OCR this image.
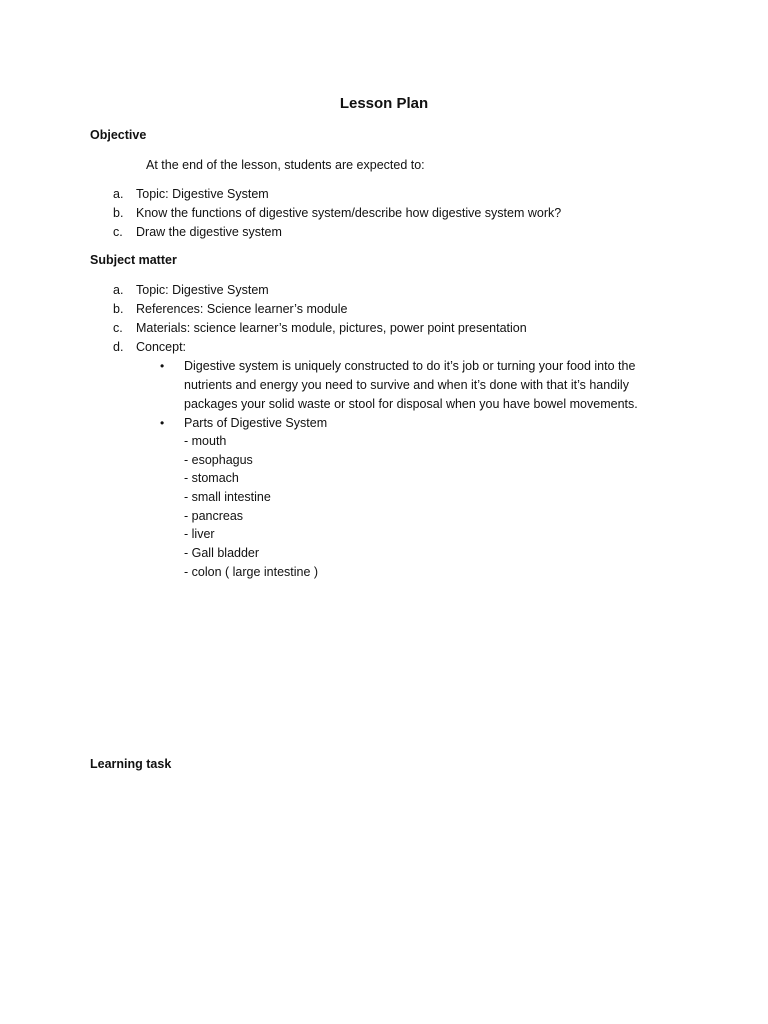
Lesson Plan
Objective
At the end of the lesson, students are expected to:
a. Topic: Digestive System
b. Know the functions of digestive system/describe how digestive system work?
c. Draw the digestive system
Subject matter
a. Topic: Digestive System
b. References: Science learner’s module
c. Materials: science learner’s module, pictures, power point presentation
d. Concept:
• Digestive system is uniquely constructed to do it’s job or turning your food into the
nutrients and energy you need to survive and when it’s done with that it’s handily
packages your solid waste or stool for disposal when you have bowel movements.
• Parts of Digestive System
- mouth
- esophagus
- stomach
- small intestine
- pancreas
- liver
- Gall bladder
- colon ( large intestine )
Learning task
